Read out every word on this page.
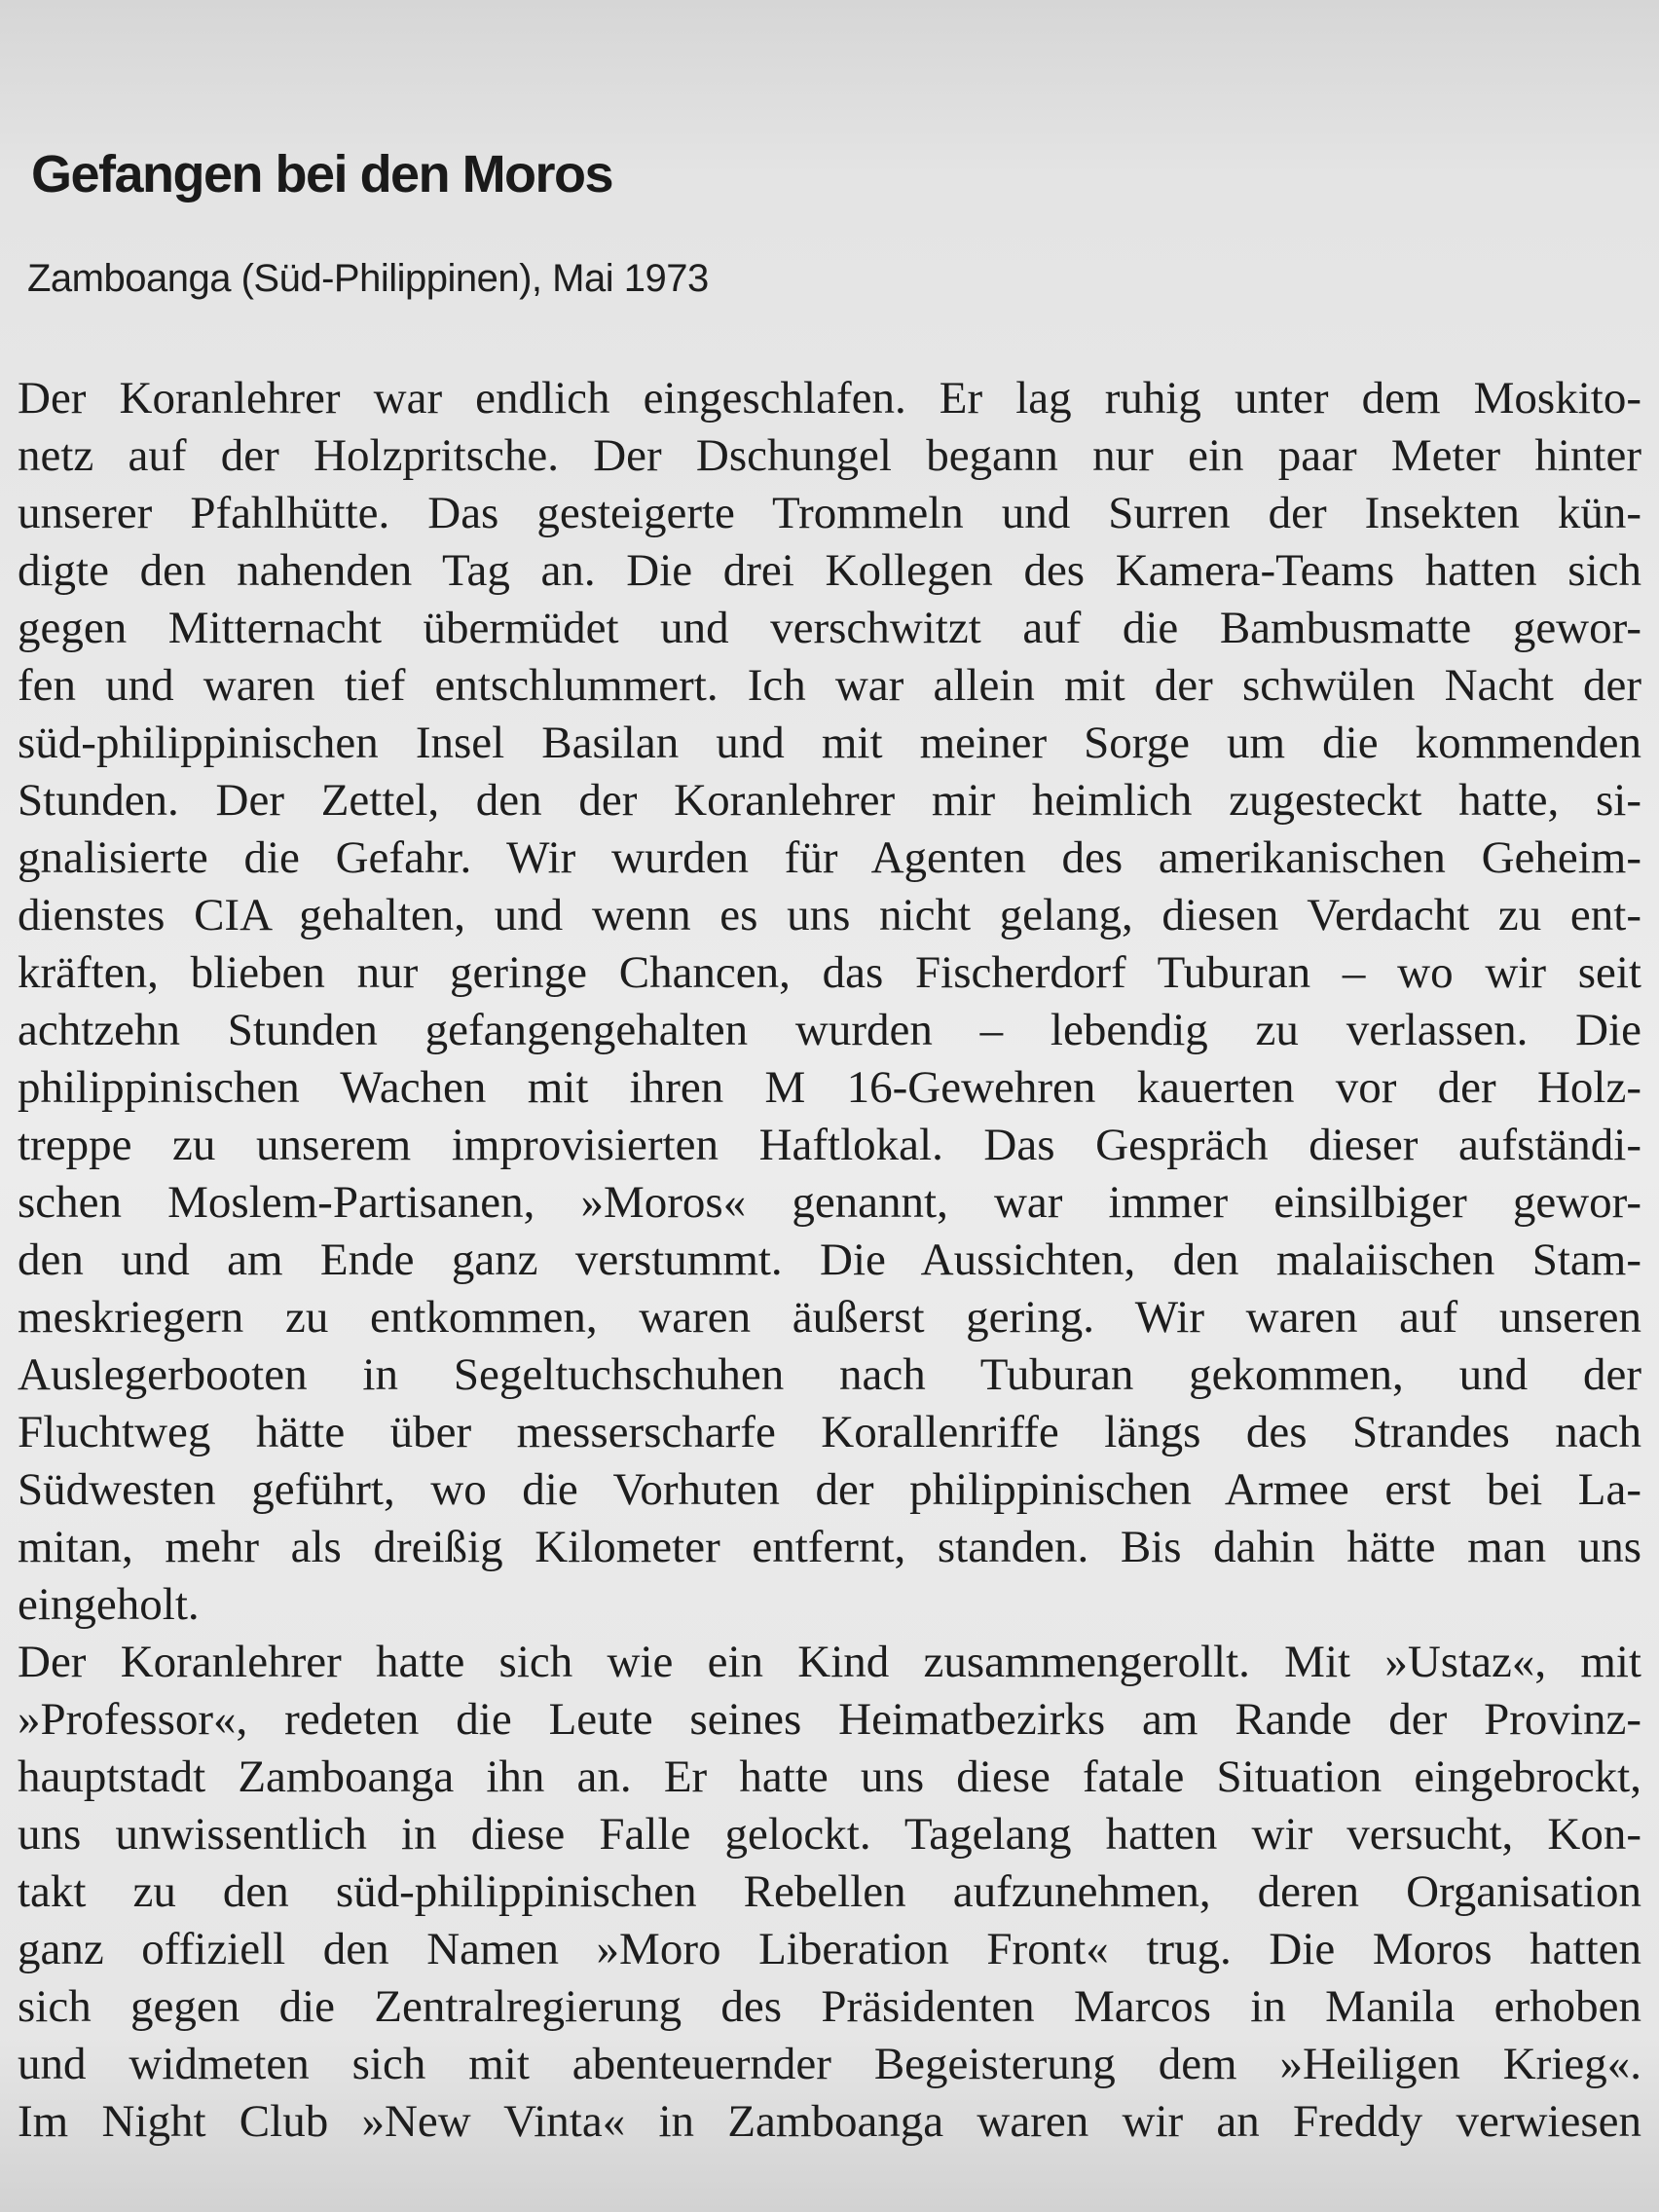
Gefangen bei den Moros

Zamboanga (Süd-Philippinen), Mai 1973

Der Koranlehrer war endlich eingeschlafen. Er lag ruhig unter dem Moskito-
netz auf der Holzpritsche. Der Dschungel begann nur ein paar Meter hinter
unserer Pfahlhütte. Das gesteigerte Trommeln und Surren der Insekten kün-
digte den nahenden Tag an. Die drei Kollegen des Kamera-Teams hatten sich
gegen Mitternacht übermüdet und verschwitzt auf die Bambusmatte gewor-
fen und waren tief entschlummert. Ich war allein mit der schwülen Nacht der
süd-philippinischen Insel Basilan und mit meiner Sorge um die kommenden
Stunden. Der Zettel, den der Koranlehrer mir heimlich zugesteckt hatte, si-
gnalisierte die Gefahr. Wir wurden für Agenten des amerikanischen Geheim-
dienstes CIA gehalten, und wenn es uns nicht gelang, diesen Verdacht zu ent-
kräften, blieben nur geringe Chancen, das Fischerdorf Tuburan – wo wir seit
achtzehn Stunden gefangengehalten wurden – lebendig zu verlassen. Die
philippinischen Wachen mit ihren M 16-Gewehren kauerten vor der Holz-
treppe zu unserem improvisierten Haftlokal. Das Gespräch dieser aufständi-
schen Moslem-Partisanen, »Moros« genannt, war immer einsilbiger gewor-
den und am Ende ganz verstummt. Die Aussichten, den malaiischen Stam-
meskriegern zu entkommen, waren äußerst gering. Wir waren auf unseren
Auslegerbooten in Segeltuchschuhen nach Tuburan gekommen, und der
Fluchtweg hätte über messerscharfe Korallenriffe längs des Strandes nach
Südwesten geführt, wo die Vorhuten der philippinischen Armee erst bei La-
mitan, mehr als dreißig Kilometer entfernt, standen. Bis dahin hätte man uns
eingeholt.
Der Koranlehrer hatte sich wie ein Kind zusammengerollt. Mit »Ustaz«, mit
»Professor«, redeten die Leute seines Heimatbezirks am Rande der Provinz-
hauptstadt Zamboanga ihn an. Er hatte uns diese fatale Situation eingebrockt,
uns unwissentlich in diese Falle gelockt. Tagelang hatten wir versucht, Kon-
takt zu den süd-philippinischen Rebellen aufzunehmen, deren Organisation
ganz offiziell den Namen »Moro Liberation Front« trug. Die Moros hatten
sich gegen die Zentralregierung des Präsidenten Marcos in Manila erhoben
und widmeten sich mit abenteuernder Begeisterung dem »Heiligen Krieg«.
Im Night Club »New Vinta« in Zamboanga waren wir an Freddy verwiesen
